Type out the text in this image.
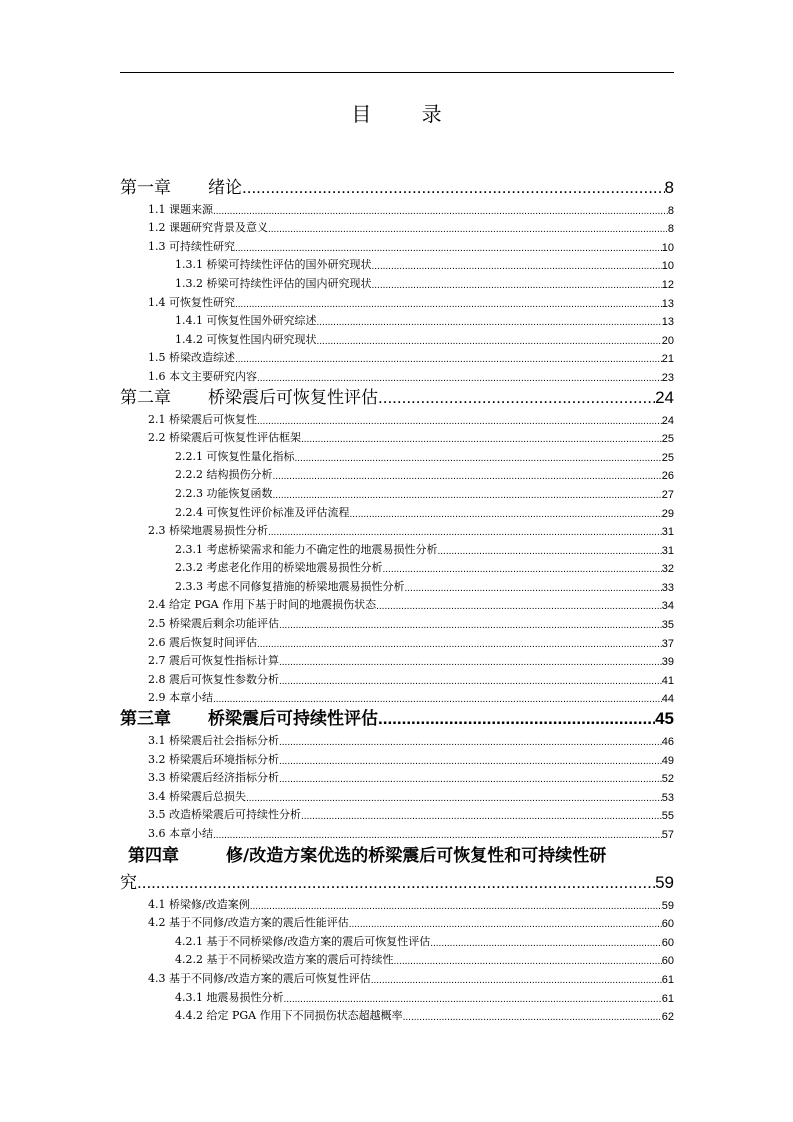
目 录
第一章 绪论 .....	8
1.1 课题来源 .....	8
1.2 课题研究背景及意义 .....	8
1.3 可持续性研究 .....	10
1.3.1 桥梁可持续性评估的国外研究现状 .....	10
1.3.2 桥梁可持续性评估的国内研究现状 .....	12
1.4 可恢复性研究 .....	13
1.4.1 可恢复性国外研究综述 .....	13
1.4.2 可恢复性国内研究现状 .....	20
1.5 桥梁改造综述 .....	21
1.6 本文主要研究内容 .....	23
第二章 桥梁震后可恢复性评估 .....	24
2.1 桥梁震后可恢复性 .....	24
2.2 桥梁震后可恢复性评估框架 .....	25
2.2.1 可恢复性量化指标 .....	25
2.2.2 结构损伤分析 .....	26
2.2.3 功能恢复函数 .....	27
2.2.4 可恢复性评价标准及评估流程 .....	29
2.3 桥梁地震易损性分析 .....	31
2.3.1 考虑桥梁需求和能力不确定性的地震易损性分析 .....	31
2.3.2 考虑老化作用的桥梁地震易损性分析 .....	32
2.3.3 考虑不同修复措施的桥梁地震易损性分析 .....	33
2.4 给定 PGA 作用下基于时间的地震损伤状态 .....	34
2.5 桥梁震后剩余功能评估 .....	35
2.6 震后恢复时间评估 .....	37
2.7 震后可恢复性指标计算 .....	39
2.8 震后可恢复性参数分析 .....	41
2.9 本章小结 .....	44
第三章 桥梁震后可持续性评估 .....	45
3.1 桥梁震后社会指标分析 .....	46
3.2 桥梁震后环境指标分析 .....	49
3.3 桥梁震后经济指标分析 .....	52
3.4 桥梁震后总损失 .....	53
3.5 改造桥梁震后可持续性分析 .....	55
3.6 本章小结 .....	57
第四章	修/改造方案优选的桥梁震后可恢复性和可持续性研
究 .....	59
4.1 桥梁修/改造案例 .....	59
4.2 基于不同修/改造方案的震后性能评估 .....	60
4.2.1 基于不同桥梁修/改造方案的震后可恢复性评估 .....	60
4.2.2 基于不同桥梁改造方案的震后可持续性 .....	60
4.3 基于不同修/改造方案的震后可恢复性评估 .....	61
4.3.1 地震易损性分析 .....	61
4.4.2 给定 PGA 作用下不同损伤状态超越概率 .....	62
